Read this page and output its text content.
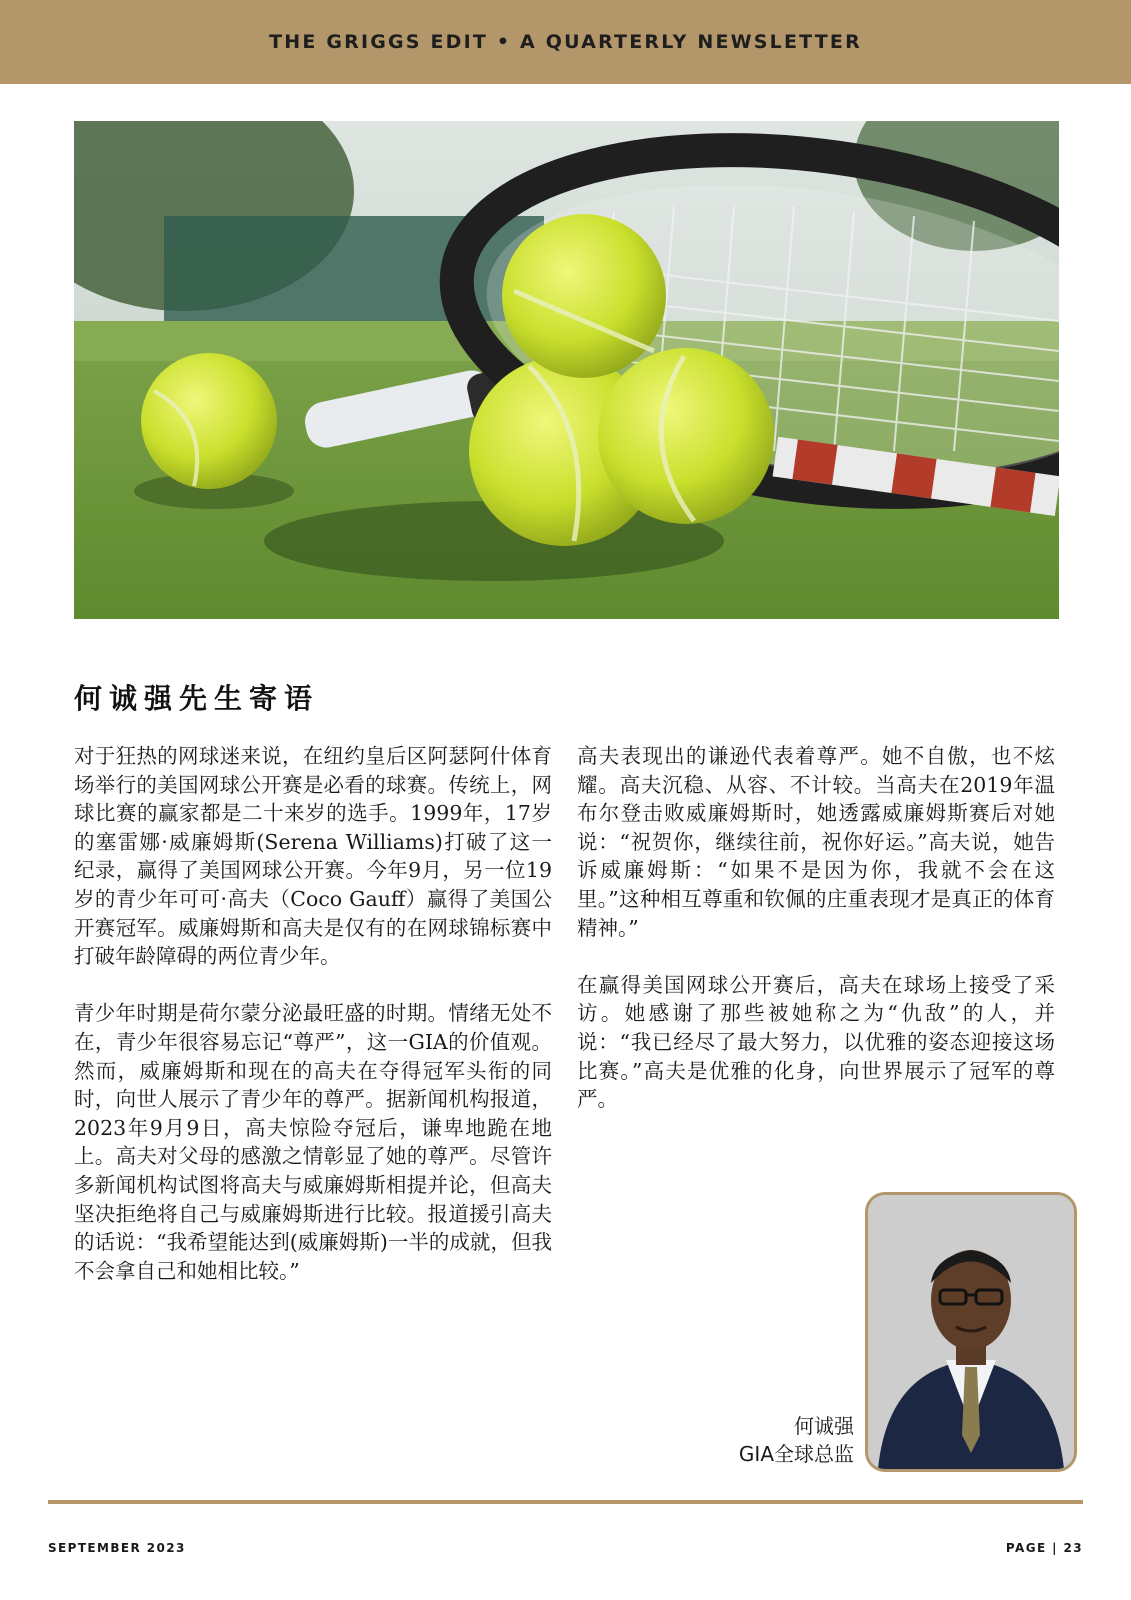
THE GRIGGS EDIT • A QUARTERLY NEWSLETTER
何诚强先生寄语

对于狂热的网球迷来说，在纽约皇后区阿瑟阿什体育场举行的美国网球公开赛是必看的球赛。传统上，网球比赛的赢家都是二十来岁的选手。1999年，17岁的塞雷娜·威廉姆斯(Serena Williams)打破了这一纪录，赢得了美国网球公开赛。今年9月，另一位19岁的青少年可可·高夫（Coco Gauff）赢得了美国公开赛冠军。威廉姆斯和高夫是仅有的在网球锦标赛中打破年龄障碍的两位青少年。

青少年时期是荷尔蒙分泌最旺盛的时期。情绪无处不在，青少年很容易忘记“尊严”，这一GIA的价值观。然而，威廉姆斯和现在的高夫在夺得冠军头衔的同时，向世人展示了青少年的尊严。据新闻机构报道，2023年9月9日，高夫惊险夺冠后，谦卑地跪在地上。高夫对父母的感激之情彰显了她的尊严。尽管许多新闻机构试图将高夫与威廉姆斯相提并论，但高夫坚决拒绝将自己与威廉姆斯进行比较。报道援引高夫的话说：“我希望能达到(威廉姆斯)一半的成就，但我不会拿自己和她相比较。”

高夫表现出的谦逊代表着尊严。她不自傲，也不炫耀。高夫沉稳、从容、不计较。当高夫在2019年温布尔登击败威廉姆斯时，她透露威廉姆斯赛后对她说：“祝贺你，继续往前，祝你好运。”高夫说，她告诉威廉姆斯：“如果不是因为你，我就不会在这里。”这种相互尊重和钦佩的庄重表现才是真正的体育精神。”

在赢得美国网球公开赛后，高夫在球场上接受了采访。她感谢了那些被她称之为“仇敌”的人，并说：“我已经尽了最大努力，以优雅的姿态迎接这场比赛。”高夫是优雅的化身，向世界展示了冠军的尊严。

何诚强
GIA全球总监
SEPTEMBER 2023	PAGE | 23
